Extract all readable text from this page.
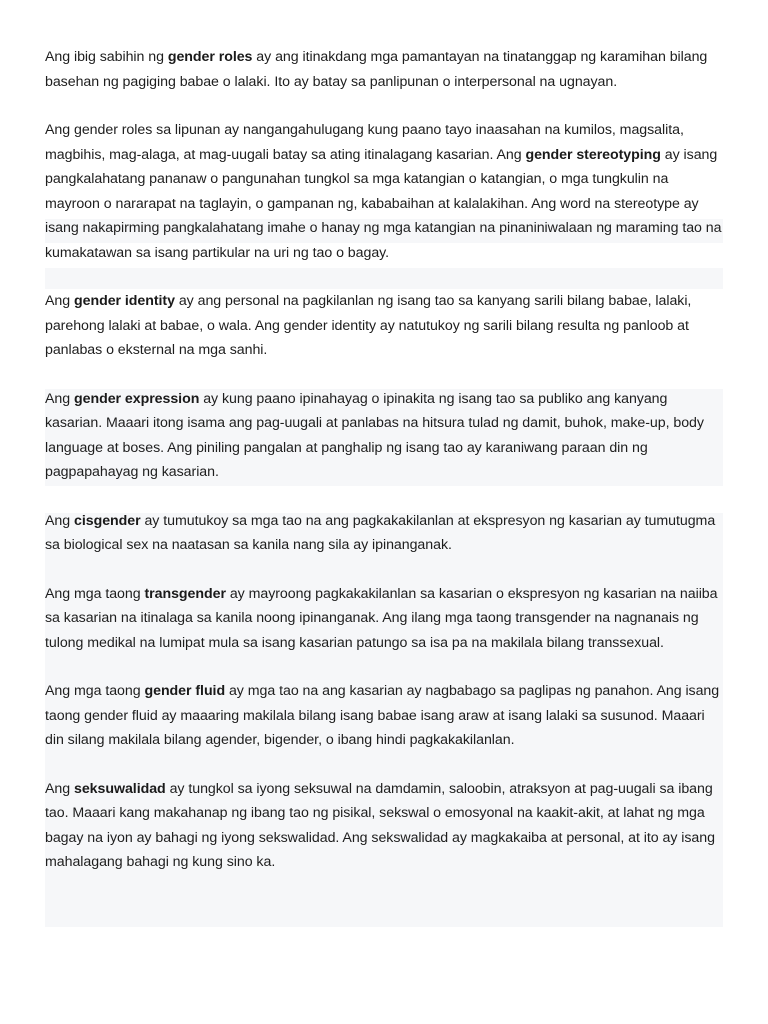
Ang ibig sabihin ng gender roles ay ang itinakdang mga pamantayan na tinatanggap ng karamihan bilang basehan ng pagiging babae o lalaki. Ito ay batay sa panlipunan o interpersonal na ugnayan.

Ang gender roles sa lipunan ay nangangahulugang kung paano tayo inaasahan na kumilos, magsalita, magbihis, mag-alaga, at mag-uugali batay sa ating itinalagang kasarian. Ang gender stereotyping ay isang pangkalahatang pananaw o pangunahan tungkol sa mga katangian o katangian, o mga tungkulin na mayroon o nararapat na taglayin, o gampanan ng, kababaihan at kalalakihan. Ang word na stereotype ay isang nakapirming pangkalahatang imahe o hanay ng mga katangian na pinaniniwalaan ng maraming tao na kumakatawan sa isang partikular na uri ng tao o bagay.

Ang gender identity ay ang personal na pagkilanlan ng isang tao sa kanyang sarili bilang babae, lalaki, parehong lalaki at babae, o wala. Ang gender identity ay natutukoy ng sarili bilang resulta ng panloob at panlabas o eksternal na mga sanhi.

Ang gender expression ay kung paano ipinahayag o ipinakita ng isang tao sa publiko ang kanyang kasarian. Maaari itong isama ang pag-uugali at panlabas na hitsura tulad ng damit, buhok, make-up, body language at boses. Ang piniling pangalan at panghalip ng isang tao ay karaniwang paraan din ng pagpapahayag ng kasarian.

Ang cisgender ay tumutukoy sa mga tao na ang pagkakakilanlan at ekspresyon ng kasarian ay tumutugma sa biological sex na naatasan sa kanila nang sila ay ipinanganak.

Ang mga taong transgender ay mayroong pagkakakilanlan sa kasarian o ekspresyon ng kasarian na naiiba sa kasarian na itinalaga sa kanila noong ipinanganak. Ang ilang mga taong transgender na nagnanais ng tulong medikal na lumipat mula sa isang kasarian patungo sa isa pa na makilala bilang transsexual.

Ang mga taong gender fluid ay mga tao na ang kasarian ay nagbabago sa paglipas ng panahon. Ang isang taong gender fluid ay maaaring makilala bilang isang babae isang araw at isang lalaki sa susunod. Maaari din silang makilala bilang agender, bigender, o ibang hindi pagkakakilanlan.

Ang seksuwalidad ay tungkol sa iyong seksuwal na damdamin, saloobin, atraksyon at pag-uugali sa ibang tao. Maaari kang makahanap ng ibang tao ng pisikal, sekswal o emosyonal na kaakit-akit, at lahat ng mga bagay na iyon ay bahagi ng iyong sekswalidad. Ang sekswalidad ay magkakaiba at personal, at ito ay isang mahalagang bahagi ng kung sino ka.
